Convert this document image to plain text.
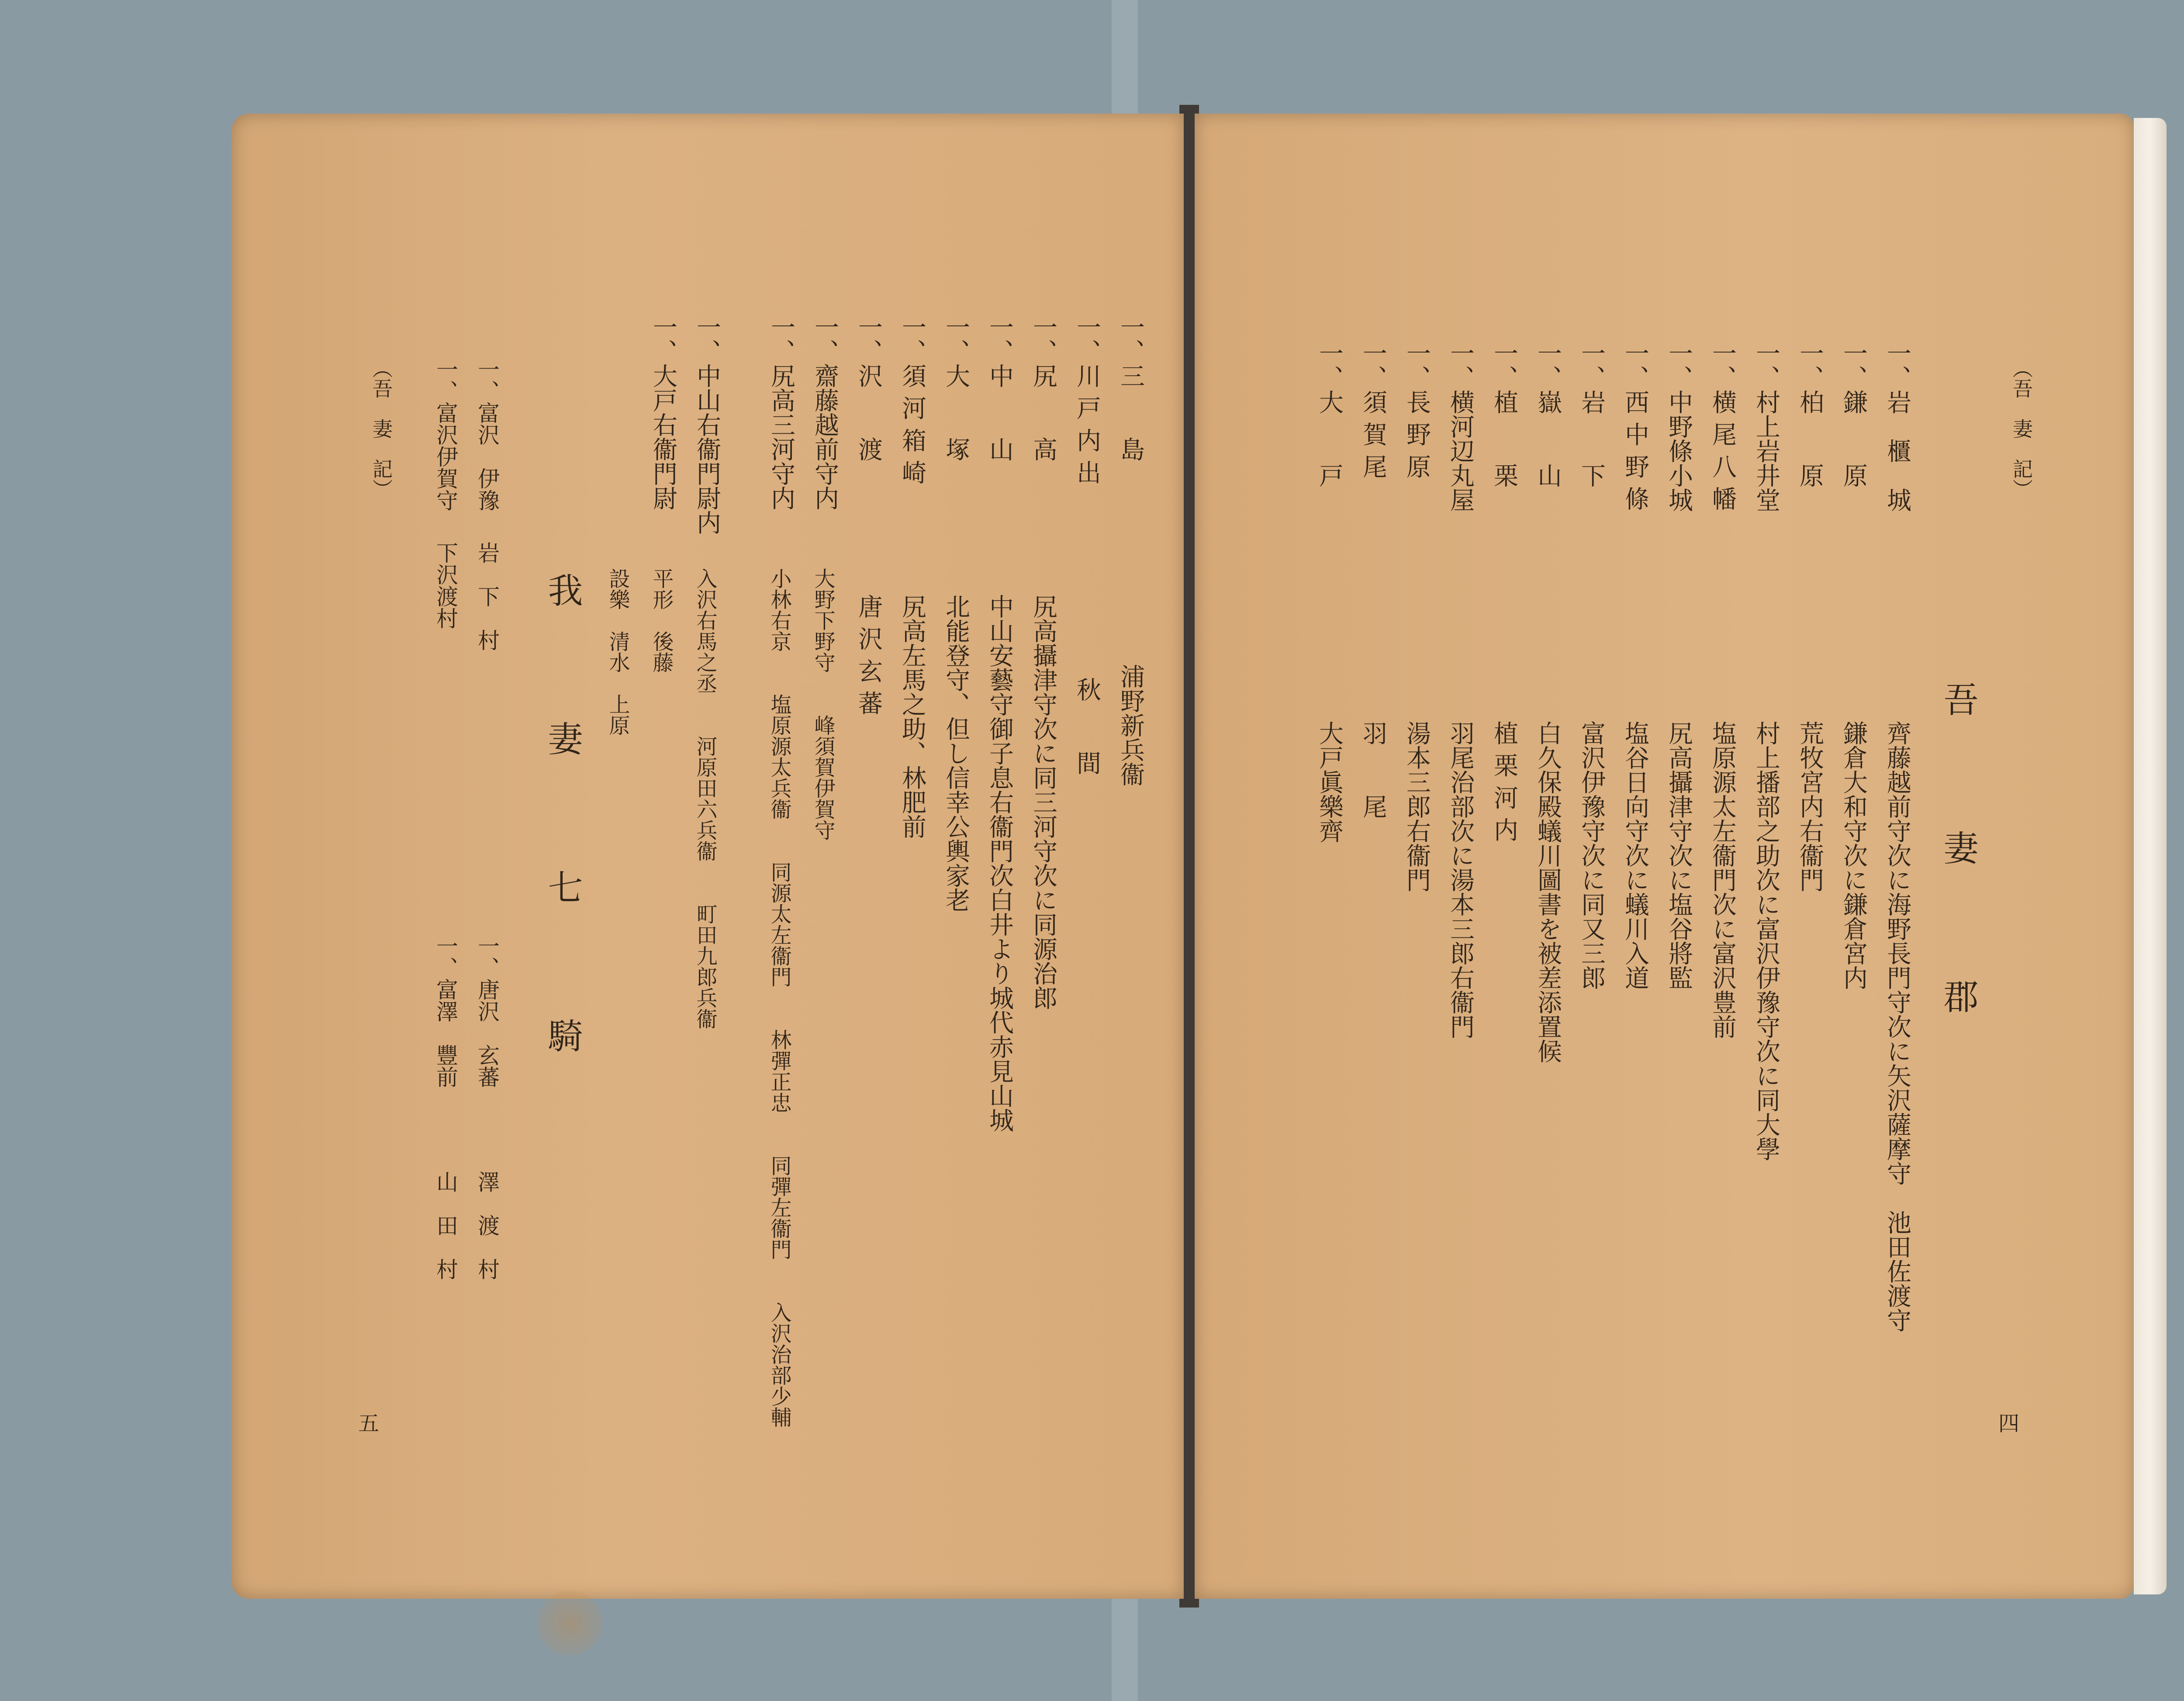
一、三　　島
浦野新兵衞
一、川 戸 内 出
秋　　間
一、尻　　高
尻高攝津守次に同三河守次に同源治郎
一、中　　山
中山安藝守御子息右衞門次白井より城代赤見山城
一、大　　塚
北能登守、但し信幸公輿家老
一、須 河 箱 崎
尻高左馬之助、林肥前
一、沢　　渡
唐 沢 玄 蕃
一、齋藤越前守内
大野下野守　　峰須賀伊賀守
一、尻高三河守内
小林右京　　塩原源太兵衞　　同源太左衞門　　林彈正忠　　同彈左衞門　　入沢治部少輔
一、中山右衞門尉内
入沢右馬之丞　　河原田六兵衞　　町田九郎兵衞
一、大戸右衞門尉
平形　後藤
設樂　清水　上原
我　妻　七　騎
一、富沢　伊豫
岩　下　村
一、富沢伊賀守
下沢渡村
一、唐沢　玄蕃
澤　渡　村
一、富澤　豐前
山　田　村
（吾　妻　記）
五
（吾　妻　記）
吾　妻　郡
一、岩　櫃　城
齊藤越前守次に海野長門守次に矢沢薩摩守　池田佐渡守
一、鎌　　原
鎌倉大和守次に鎌倉宮内
一、柏　　原
荒牧宮内右衞門
一、村上岩井堂
村上播部之助次に富沢伊豫守次に同大學
一、横 尾 八 幡
塩原源太左衞門次に富沢豊前
一、中野條小城
尻高攝津守次に塩谷將監
一、西 中 野 條
塩谷日向守次に蟻川入道
一、岩　　下
富沢伊豫守次に同又三郎
一、嶽　　山
白久保殿蟻川圖書を被差添置候
一、植　　栗
植 栗 河 内
一、横河辺丸屋
羽尾治部次に湯本三郎右衞門
一、長 野 原
湯本三郎右衞門
一、須 賀 尾
羽　　尾
一、大　　戸
大戸眞樂齊
四
